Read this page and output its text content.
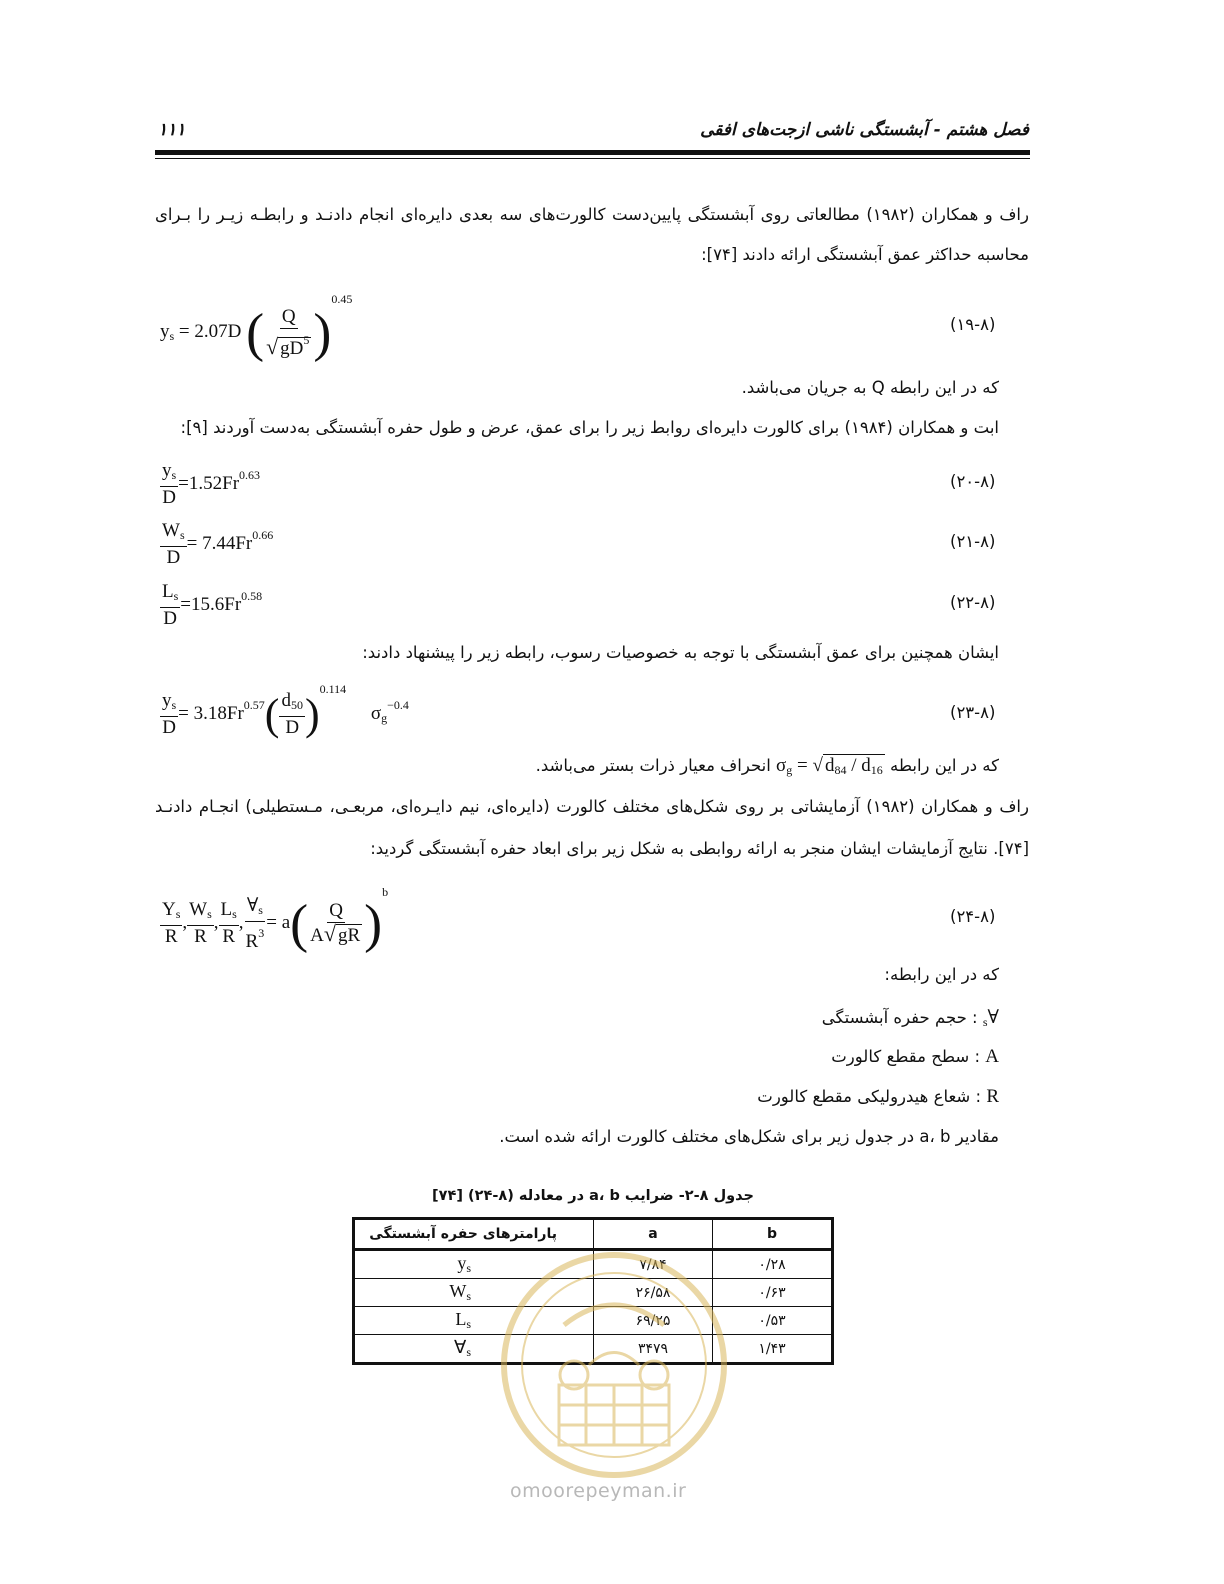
فصل هشتم - آبشستگی ناشی ازجت‌های افقی
۱۱۱
راف و همکاران (۱۹۸۲) مطالعاتی روی آبشستگی پایین‌دست کالورت‌های سه بعدی دایره‌ای انجام دادنـد و رابطـه زیـر را بـرای
محاسبه حداکثر عمق آبشستگی ارائه دادند [۷۴]:
$y_s = 2.07D$ ( $\frac{Q}{√ gD^5} )^{0.45}$
(۱۹-۸)
که در این رابطه Q به جریان می‌باشد.
ابت و همکاران (۱۹۸۴) برای کالورت دایره‌ای روابط زیر را برای عمق، عرض و طول حفره آبشستگی به‌دست آوردند [۹]:
$\frac{y_s}{D} =1.52Fr^{0.63}$	(۲۰-۸)
$\frac{W_s}{D} = 7.44Fr^{0.66}$	(۲۱-۸)
$\frac{L_s}{D} =15.6Fr^{0.58}$	(۲۲-۸)
ایشان همچنین برای عمق آبشستگی با توجه به خصوصیات رسوب، رابطه زیر را پیشنهاد دادند:
$\frac{y_s}{D} = 3.18Fr^{0.57}( \frac{d_{50}}{D} )^{0.114}$ $\sigma_g^{-0.4}$	(۲۳-۸)
که در این رابطه $\sigma_g$ = √ $d_{84} / d_{16}$ انحراف معیار ذرات بستر می‌باشد.
راف و همکاران (۱۹۸۲) آزمایشاتی بر روی شکل‌های مختلف کالورت (دایره‌ای، نیم دایـره‌ای، مربعـی، مـستطیلی) انجـام دادنـد
[۷۴]. نتایج آزمایشات ایشان منجر به ارائه روابطی به شکل زیر برای ابعاد حفره آبشستگی گردید:
$\frac{Y_s}{R}$ , $\frac{W_s}{R}$ , $\frac{L_s}{R}$ , $\frac{\forall_s}{R^3} = a( \frac{Q}{A√ gR} )^b$
(۲۴-۸)
که در این رابطه:
$\forall_s$ : حجم حفره آبشستگی
A : سطح مقطع کالورت
R : شعاع هیدرولیکی مقطع کالورت
مقادیر a، b در جدول زیر برای شکل‌های مختلف کالورت ارائه شده است.
جدول ۸-۲- ضرایب a، b در معادله (۸-۲۴) [۷۴]
پارامترهای حفره آبشستگی	a	b
$y_s$	۷/۸۴	۰/۲۸
$W_s$	۲۶/۵۸	۰/۶۳
$L_s$	۶۹/۲۵	۰/۵۳
$\forall_s$	۳۴۷۹	۱/۴۳
omoorepeyman.ir
